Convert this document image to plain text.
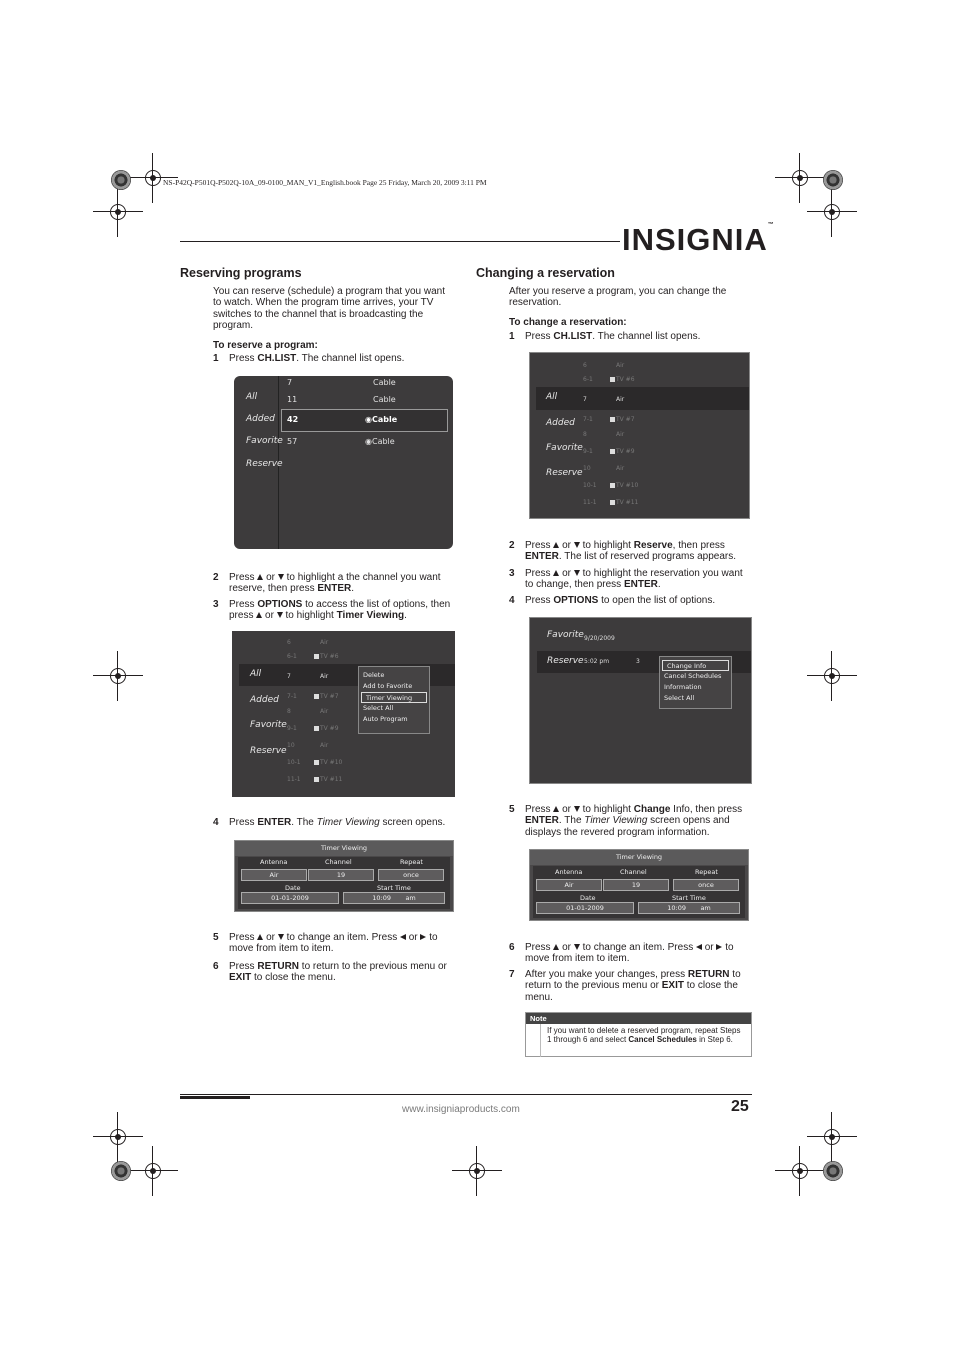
NS-P42Q-P501Q-P502Q-10A_09-0100_MAN_V1_English.book Page 25 Friday, March 20, 2009 3:11 PM
INSIGNIA™
Reserving programs
You can reserve (schedule) a program that you want to watch. When the program time arrives, your TV switches to the channel that is broadcasting the program.
To reserve a program:
1 Press CH.LIST. The channel list opens.
All
Added
Favorite
Reserve
7	Cable
11	Cable
42	◉Cable
57	◉Cable
2 Press  or  to highlight a the channel you want reserve, then press ENTER.
3 Press OPTIONS to access the list of options, then press  or  to highlight Timer Viewing.
All
Added
Favorite
Reserve
6	Air
6-1	TV #6
7	Air
7-1	TV #7
8	Air
9-1	TV #9
10	Air
10-1	TV #10
11-1	TV #11
Delete
Add to Favorite
Timer Viewing
Select All
Auto Program
4 Press ENTER. The Timer Viewing screen opens.
Timer Viewing
Antenna	Channel	Repeat
Air	19	once
Date	Start Time
01-01-2009	10:09 am
5 Press  or  to change an item. Press  or  to move from item to item.
6 Press RETURN to return to the previous menu or EXIT to close the menu.
Changing a reservation
After you reserve a program, you can change the reservation.
To change a reservation:
1 Press CH.LIST. The channel list opens.
All
Added
Favorite
Reserve
6	Air
6-1	TV #6
7	Air
7-1	TV #7
8	Air
9-1	TV #9
10	Air
10-1	TV #10
11-1	TV #11
2 Press  or  to highlight Reserve, then press ENTER. The list of reserved programs appears.
3 Press  or  to highlight the reservation you want to change, then press ENTER.
4 Press OPTIONS to open the list of options.
Favorite
Reserve
9/20/2009
5:02 pm	3
Change Info
Cancel Schedules
Information
Select All
5 Press  or  to highlight Change Info, then press ENTER. The Timer Viewing screen opens and displays the revered program information.
Timer Viewing
Antenna	Channel	Repeat
Air	19	once
Date	Start Time
01-01-2009	10:09 am
6 Press  or  to change an item. Press  or  to move from item to item.
7 After you make your changes, press RETURN to return to the previous menu or EXIT to close the menu.
Note
If you want to delete a reserved program, repeat Steps 1 through 6 and select Cancel Schedules in Step 6.
www.insigniaproducts.com	25
